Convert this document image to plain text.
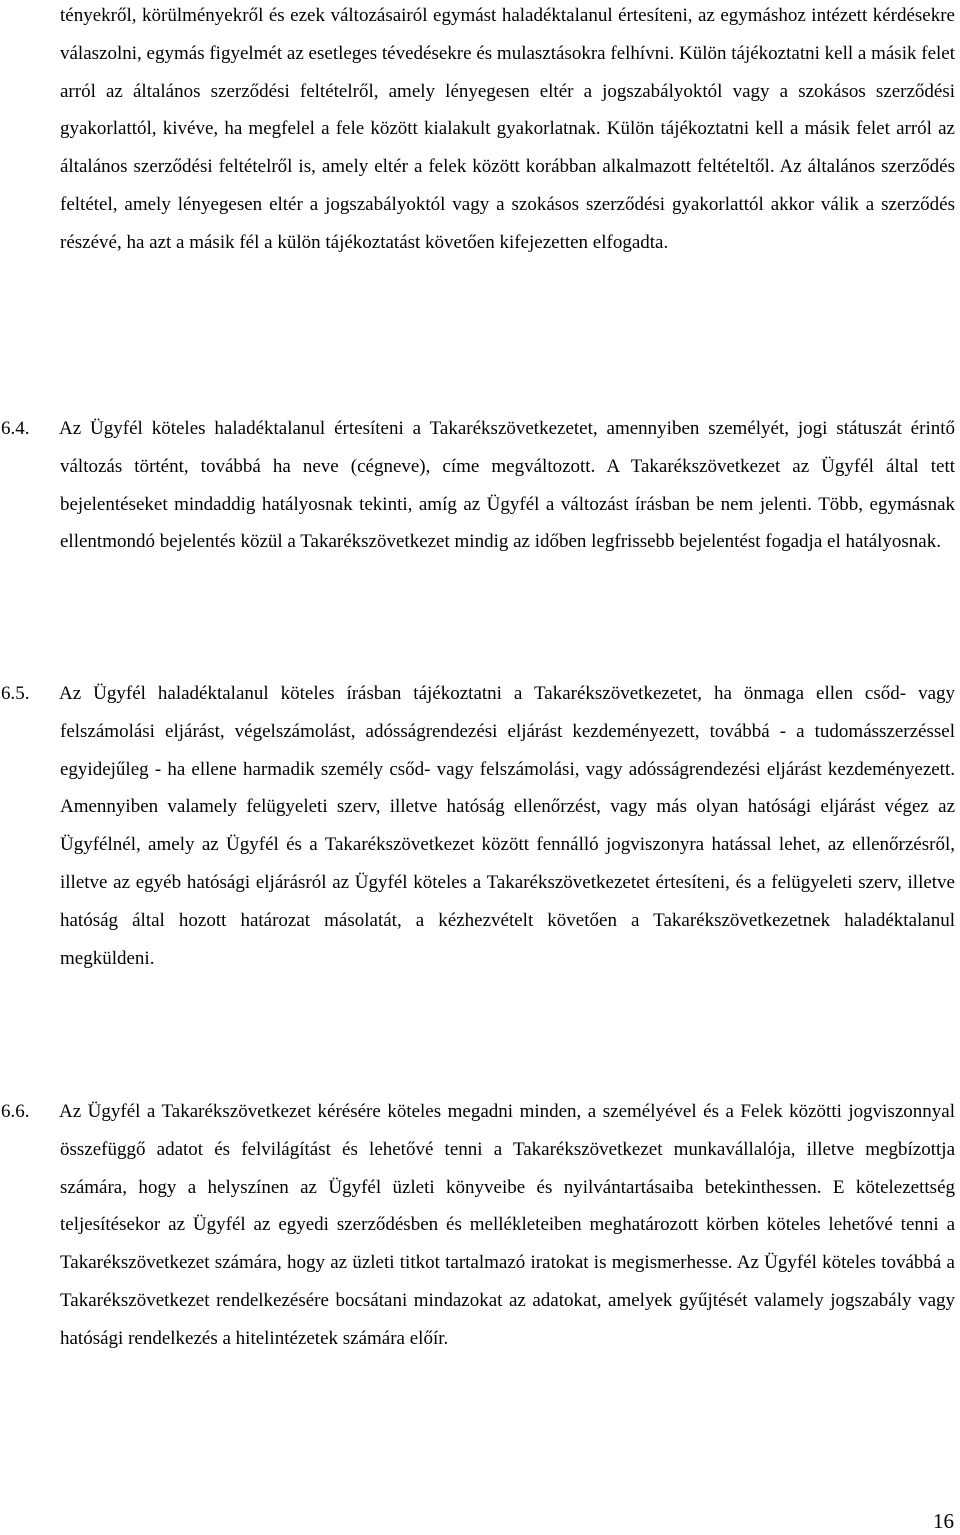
tényekről, körülményekről és ezek változásairól egymást haladéktalanul értesíteni, az egymáshoz intézett kérdésekre válaszolni, egymás figyelmét az esetleges tévedésekre és mulasztásokra felhívni. Külön tájékoztatni kell a másik felet arról az általános szerződési feltételről, amely lényegesen eltér a jogszabályoktól vagy a szokásos szerződési gyakorlattól, kivéve, ha megfelel a fele között kialakult gyakorlatnak. Külön tájékoztatni kell a másik felet arról az általános szerződési feltételről is, amely eltér a felek között korábban alkalmazott feltételtől. Az általános szerződés feltétel, amely lényegesen eltér a jogszabályoktól vagy a szokásos szerződési gyakorlattól akkor válik a szerződés részévé, ha azt a másik fél a külön tájékoztatást követően kifejezetten elfogadta.

6.4. Az Ügyfél köteles haladéktalanul értesíteni a Takarékszövetkezetet, amennyiben személyét, jogi státuszát érintő változás történt, továbbá ha neve (cégneve), címe megváltozott. A Takarékszövetkezet az Ügyfél által tett bejelentéseket mindaddig hatályosnak tekinti, amíg az Ügyfél a változást írásban be nem jelenti. Több, egymásnak ellentmondó bejelentés közül a Takarékszövetkezet mindig az időben legfrissebb bejelentést fogadja el hatályosnak.

6.5. Az Ügyfél haladéktalanul köteles írásban tájékoztatni a Takarékszövetkezetet, ha önmaga ellen csőd- vagy felszámolási eljárást, végelszámolást, adósságrendezési eljárást kezdeményezett, továbbá - a tudomásszerzéssel egyidejűleg - ha ellene harmadik személy csőd- vagy felszámolási, vagy adósságrendezési eljárást kezdeményezett. Amennyiben valamely felügyeleti szerv, illetve hatóság ellenőrzést, vagy más olyan hatósági eljárást végez az Ügyfélnél, amely az Ügyfél és a Takarékszövetkezet között fennálló jogviszonyra hatással lehet, az ellenőrzésről, illetve az egyéb hatósági eljárásról az Ügyfél köteles a Takarékszövetkezetet értesíteni, és a felügyeleti szerv, illetve hatóság által hozott határozat másolatát, a kézhezvételt követően a Takarékszövetkezetnek haladéktalanul megküldeni.

6.6. Az Ügyfél a Takarékszövetkezet kérésére köteles megadni minden, a személyével és a Felek közötti jogviszonnyal összefüggő adatot és felvilágítást és lehetővé tenni a Takarékszövetkezet munkavállalója, illetve megbízottja számára, hogy a helyszínen az Ügyfél üzleti könyveibe és nyilvántartásaiba betekinthessen. E kötelezettség teljesítésekor az Ügyfél az egyedi szerződésben és mellékleteiben meghatározott körben köteles lehetővé tenni a Takarékszövetkezet számára, hogy az üzleti titkot tartalmazó iratokat is megismerhesse. Az Ügyfél köteles továbbá a Takarékszövetkezet rendelkezésére bocsátani mindazokat az adatokat, amelyek gyűjtését valamely jogszabály vagy hatósági rendelkezés a hitelintézetek számára előír.

16
